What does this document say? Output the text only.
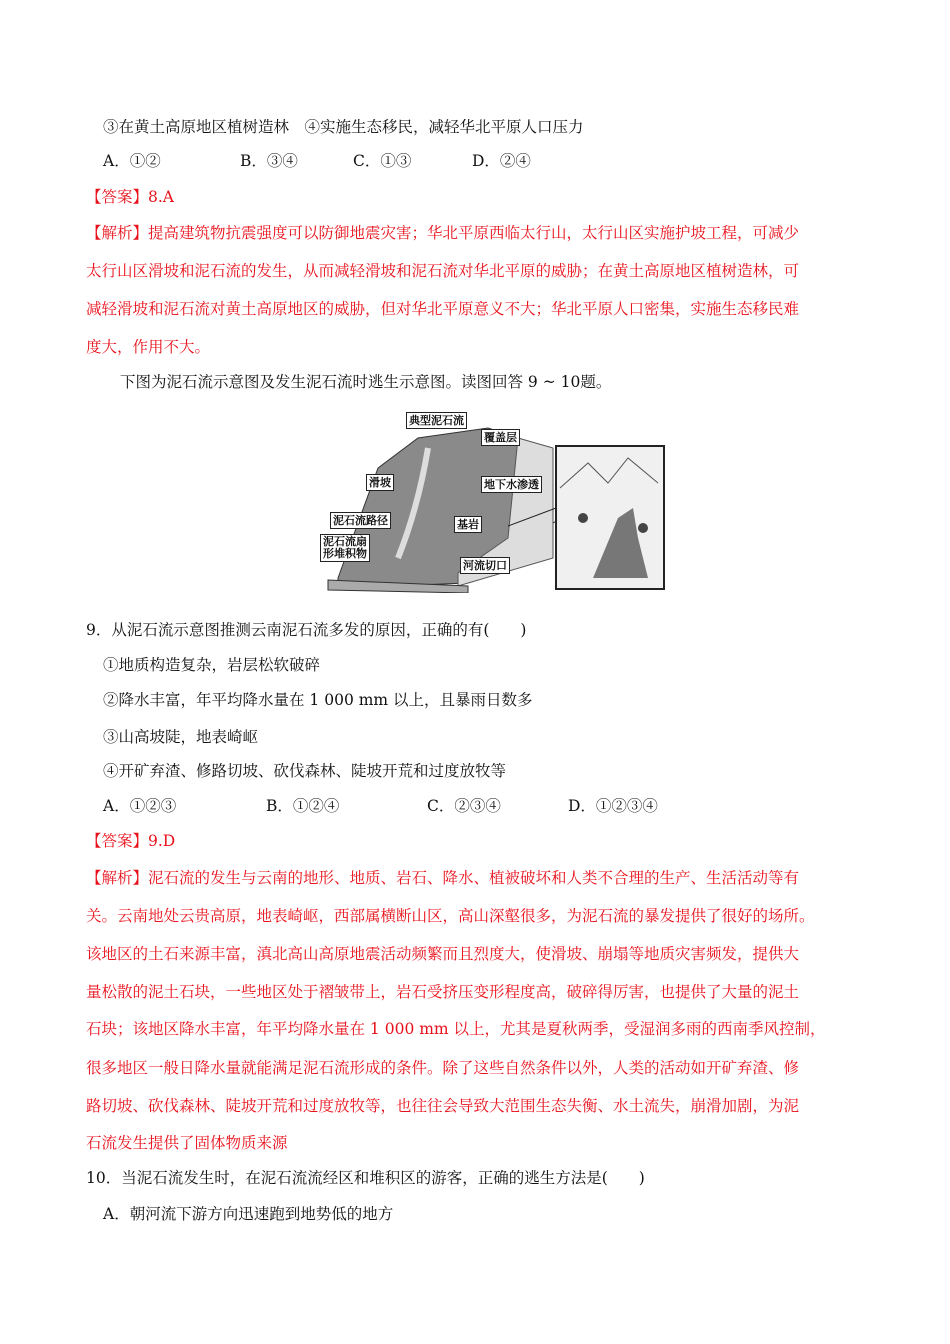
③在黄土高原地区植树造林　④实施生态移民，减轻华北平原人口压力
A．①②	B．③④	C．①③	D．②④
【答案】8.A
【解析】提高建筑物抗震强度可以防御地震灾害；华北平原西临太行山，太行山区实施护坡工程，可减少
太行山区滑坡和泥石流的发生，从而减轻滑坡和泥石流对华北平原的威胁；在黄土高原地区植树造林，可
减轻滑坡和泥石流对黄土高原地区的威胁，但对华北平原意义不大；华北平原人口密集，实施生态移民难
度大，作用不大。
下图为泥石流示意图及发生泥石流时逃生示意图。读图回答 9 ~ 10题。
典型泥石流
覆盖层
滑坡	地下水渗透
泥石流路径	基岩
泥石流扇
形堆积物
河流切口
9．从泥石流示意图推测云南泥石流多发的原因，正确的有(　　)
①地质构造复杂，岩层松软破碎
②降水丰富，年平均降水量在 1 000 mm 以上，且暴雨日数多
③山高坡陡，地表崎岖
④开矿弃渣、修路切坡、砍伐森林、陡坡开荒和过度放牧等
A．①②③	B．①②④	C．②③④	D．①②③④
【答案】9.D
【解析】泥石流的发生与云南的地形、地质、岩石、降水、植被破坏和人类不合理的生产、生活活动等有
关。云南地处云贵高原，地表崎岖，西部属横断山区，高山深壑很多，为泥石流的暴发提供了很好的场所。
该地区的土石来源丰富，滇北高山高原地震活动频繁而且烈度大，使滑坡、崩塌等地质灾害频发，提供大
量松散的泥土石块，一些地区处于褶皱带上，岩石受挤压变形程度高，破碎得厉害，也提供了大量的泥土
石块；该地区降水丰富，年平均降水量在 1 000 mm 以上，尤其是夏秋两季，受湿润多雨的西南季风控制，
很多地区一般日降水量就能满足泥石流形成的条件。除了这些自然条件以外，人类的活动如开矿弃渣、修
路切坡、砍伐森林、陡坡开荒和过度放牧等，也往往会导致大范围生态失衡、水土流失，崩滑加剧，为泥
石流发生提供了固体物质来源
10．当泥石流发生时，在泥石流流经区和堆积区的游客，正确的逃生方法是(　　)
A．朝河流下游方向迅速跑到地势低的地方
